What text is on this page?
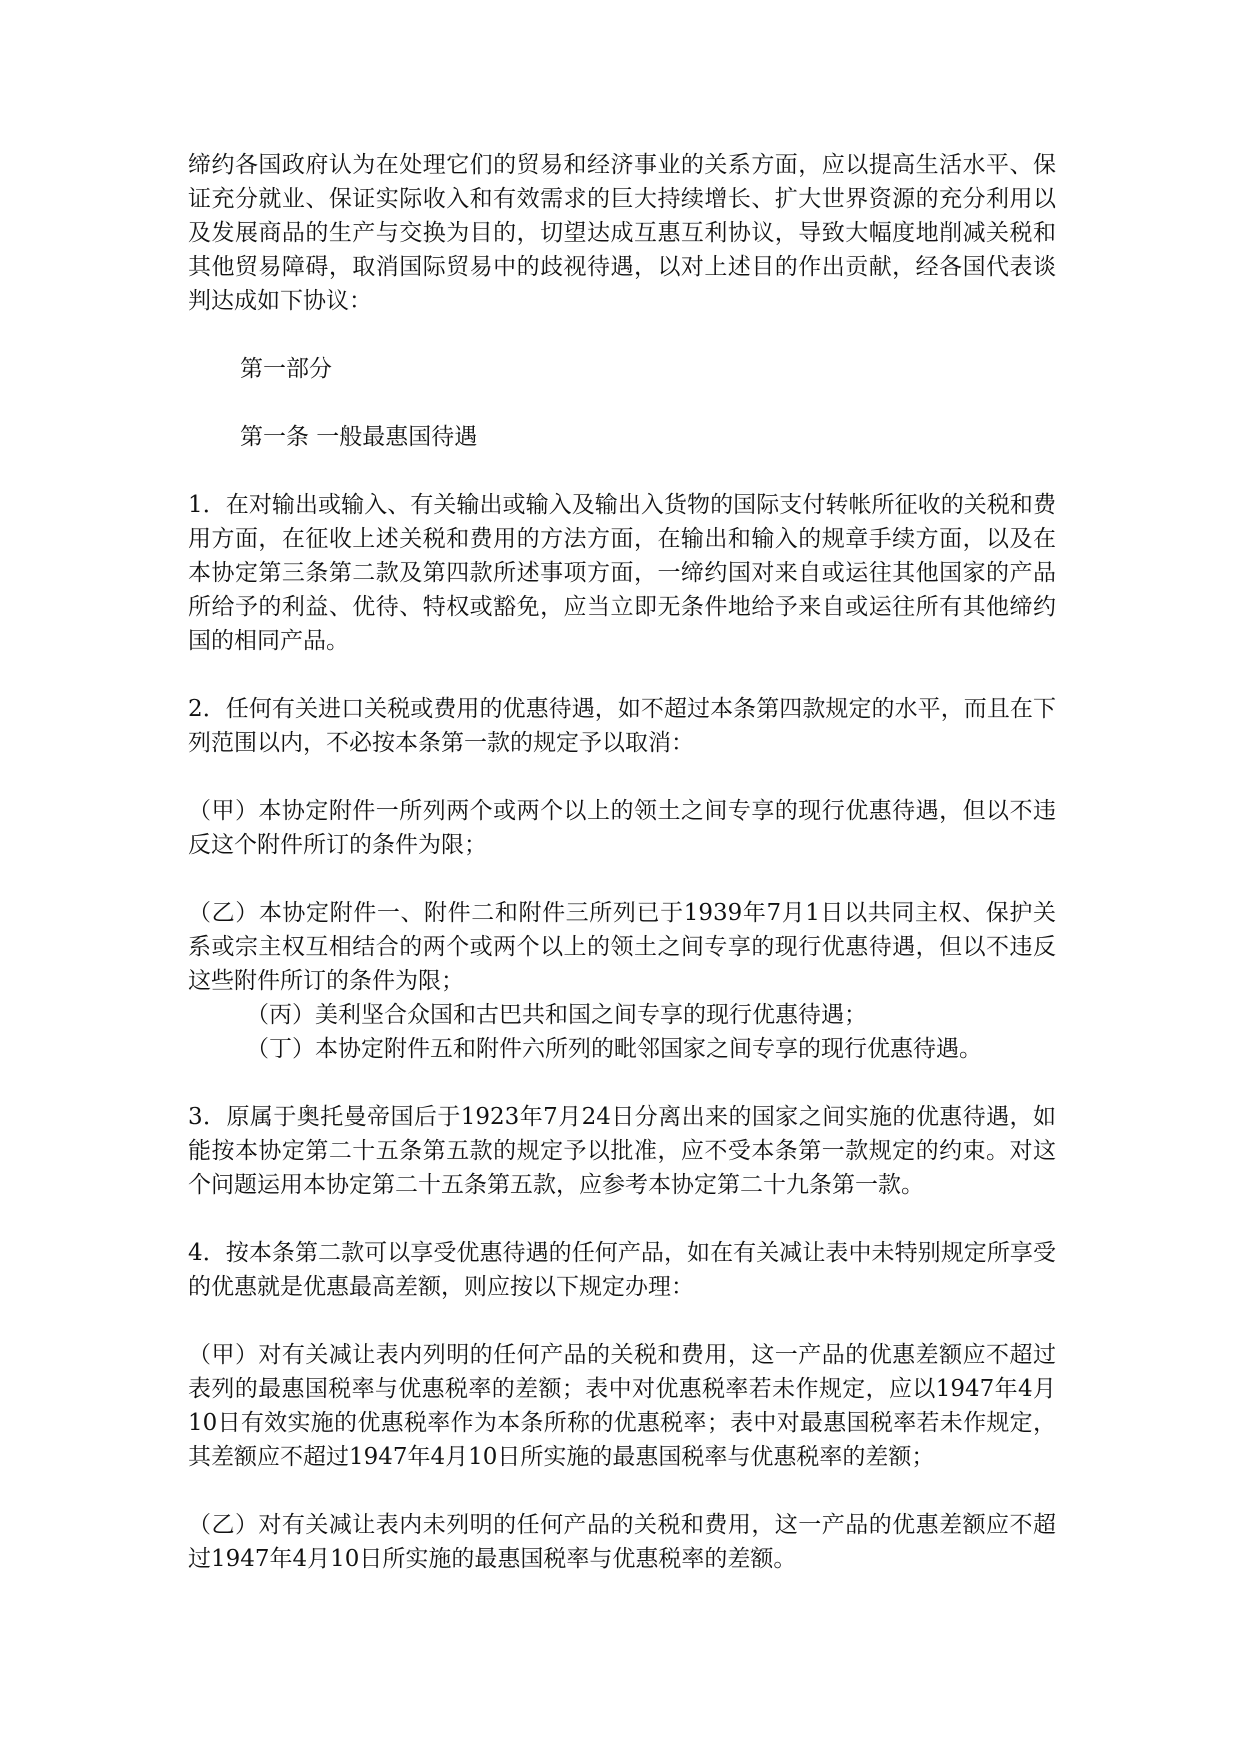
缔约各国政府认为在处理它们的贸易和经济事业的关系方面，应以提高生活水平、保证充分就业、保证实际收入和有效需求的巨大持续增长、扩大世界资源的充分利用以及发展商品的生产与交换为目的，切望达成互惠互利协议，导致大幅度地削减关税和其他贸易障碍，取消国际贸易中的歧视待遇，以对上述目的作出贡献，经各国代表谈判达成如下协议：

第一部分

第一条 一般最惠国待遇

1．在对输出或输入、有关输出或输入及输出入货物的国际支付转帐所征收的关税和费用方面，在征收上述关税和费用的方法方面，在输出和输入的规章手续方面，以及在本协定第三条第二款及第四款所述事项方面，一缔约国对来自或运往其他国家的产品所给予的利益、优待、特权或豁免，应当立即无条件地给予来自或运往所有其他缔约国的相同产品。

2．任何有关进口关税或费用的优惠待遇，如不超过本条第四款规定的水平，而且在下列范围以内，不必按本条第一款的规定予以取消：

（甲）本协定附件一所列两个或两个以上的领土之间专享的现行优惠待遇，但以不违反这个附件所订的条件为限；

（乙）本协定附件一、附件二和附件三所列已于1939年7月1日以共同主权、保护关系或宗主权互相结合的两个或两个以上的领土之间专享的现行优惠待遇，但以不违反这些附件所订的条件为限；

（丙）美利坚合众国和古巴共和国之间专享的现行优惠待遇；

（丁）本协定附件五和附件六所列的毗邻国家之间专享的现行优惠待遇。

3．原属于奥托曼帝国后于1923年7月24日分离出来的国家之间实施的优惠待遇，如能按本协定第二十五条第五款的规定予以批准，应不受本条第一款规定的约束。对这个问题运用本协定第二十五条第五款，应参考本协定第二十九条第一款。

4．按本条第二款可以享受优惠待遇的任何产品，如在有关减让表中未特别规定所享受的优惠就是优惠最高差额，则应按以下规定办理：

（甲）对有关减让表内列明的任何产品的关税和费用，这一产品的优惠差额应不超过表列的最惠国税率与优惠税率的差额；表中对优惠税率若未作规定，应以1947年4月10日有效实施的优惠税率作为本条所称的优惠税率；表中对最惠国税率若未作规定，其差额应不超过1947年4月10日所实施的最惠国税率与优惠税率的差额；

（乙）对有关减让表内未列明的任何产品的关税和费用，这一产品的优惠差额应不超过1947年4月10日所实施的最惠国税率与优惠税率的差额。
